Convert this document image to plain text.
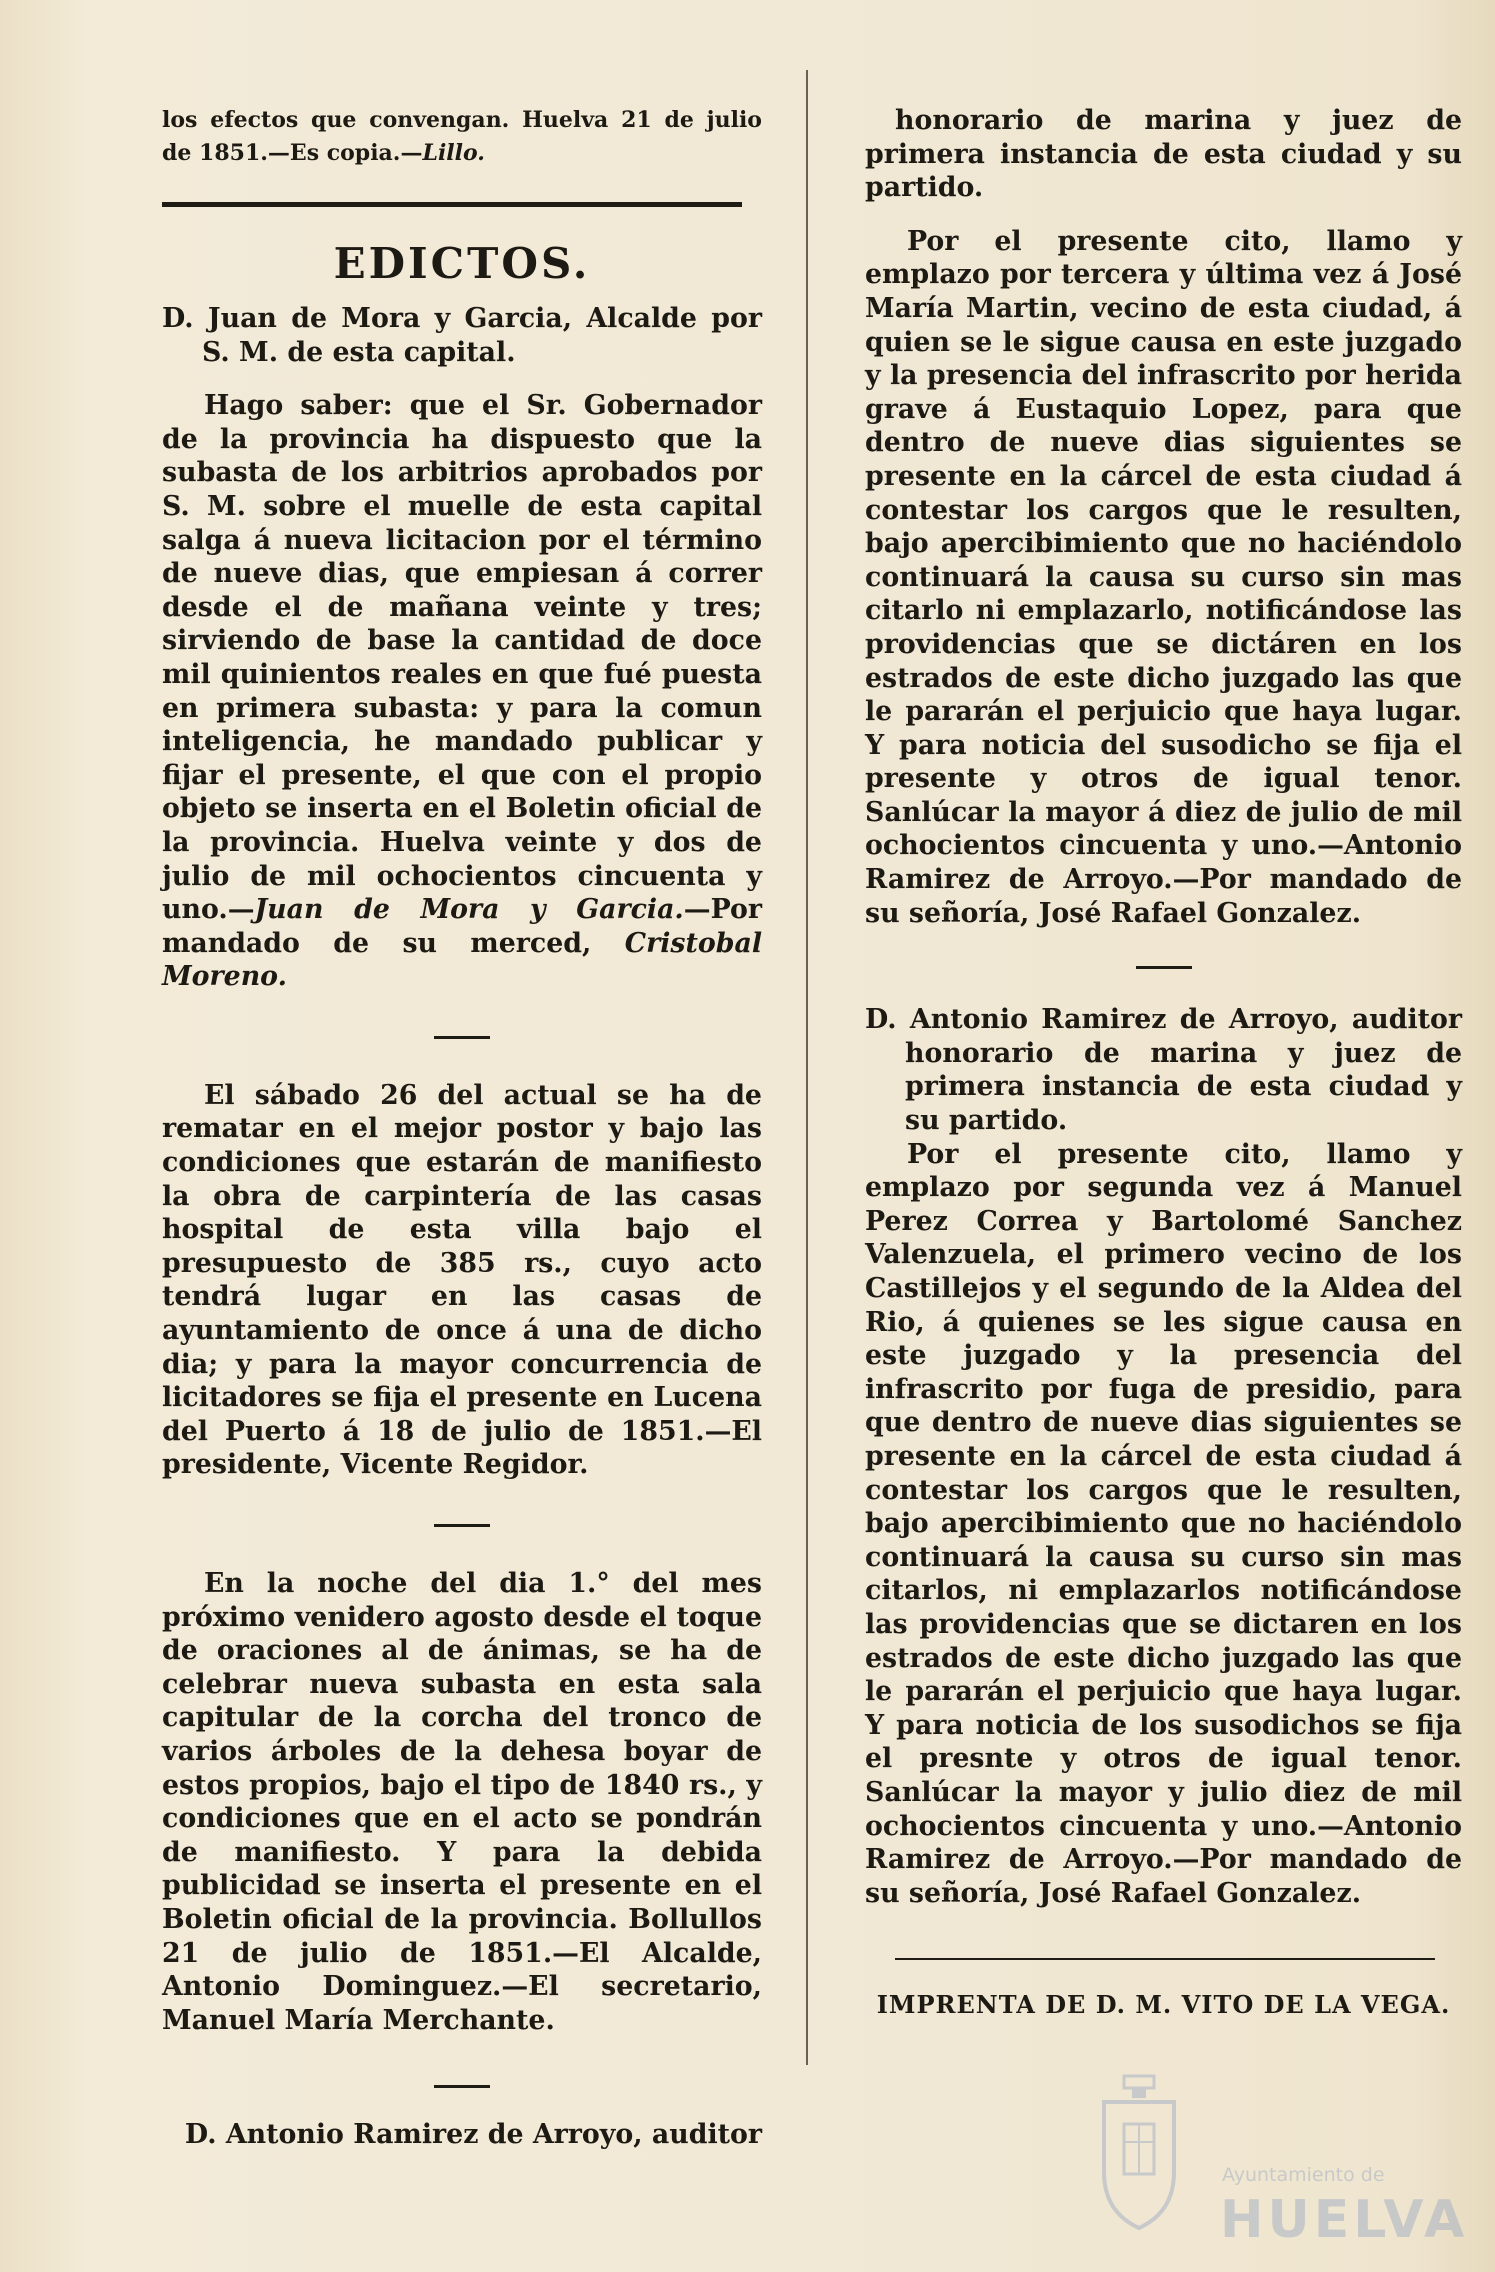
los efectos que convengan. Huelva 21 de julio de 1851.—Es copia.—Lillo.

EDICTOS.

D. Juan de Mora y Garcia, Alcalde por S. M. de esta capital.

Hago saber: que el Sr. Gobernador de la provincia ha dispuesto que la subasta de los arbitrios aprobados por S. M. sobre el muelle de esta capital salga á nueva licitacion por el término de nueve dias, que empiesan á correr desde el de mañana veinte y tres; sirviendo de base la cantidad de doce mil quinientos reales en que fué puesta en primera subasta: y para la comun inteligencia, he mandado publicar y fijar el presente, el que con el propio objeto se inserta en el Boletin oficial de la provincia. Huelva veinte y dos de julio de mil ochocientos cincuenta y uno.—Juan de Mora y Garcia.—Por mandado de su merced, Cristobal Moreno.

El sábado 26 del actual se ha de rematar en el mejor postor y bajo las condiciones que estarán de manifiesto la obra de carpintería de las casas hospital de esta villa bajo el presupuesto de 385 rs., cuyo acto tendrá lugar en las casas de ayuntamiento de once á una de dicho dia; y para la mayor concurrencia de licitadores se fija el presente en Lucena del Puerto á 18 de julio de 1851.—El presidente, Vicente Regidor.

En la noche del dia 1.° del mes próximo venidero agosto desde el toque de oraciones al de ánimas, se ha de celebrar nueva subasta en esta sala capitular de la corcha del tronco de varios árboles de la dehesa boyar de estos propios, bajo el tipo de 1840 rs., y condiciones que en el acto se pondrán de manifiesto. Y para la debida publicidad se inserta el presente en el Boletin oficial de la provincia. Bollullos 21 de julio de 1851.—El Alcalde, Antonio Dominguez.—El secretario, Manuel María Merchante.

D. Antonio Ramirez de Arroyo, auditor

honorario de marina y juez de primera instancia de esta ciudad y su partido.

Por el presente cito, llamo y emplazo por tercera y última vez á José María Martin, vecino de esta ciudad, á quien se le sigue causa en este juzgado y la presencia del infrascrito por herida grave á Eustaquio Lopez, para que dentro de nueve dias siguientes se presente en la cárcel de esta ciudad á contestar los cargos que le resulten, bajo apercibimiento que no haciéndolo continuará la causa su curso sin mas citarlo ni emplazarlo, notificándose las providencias que se dictáren en los estrados de este dicho juzgado las que le pararán el perjuicio que haya lugar. Y para noticia del susodicho se fija el presente y otros de igual tenor. Sanlúcar la mayor á diez de julio de mil ochocientos cincuenta y uno.—Antonio Ramirez de Arroyo.—Por mandado de su señoría, José Rafael Gonzalez.

D. Antonio Ramirez de Arroyo, auditor honorario de marina y juez de primera instancia de esta ciudad y su partido.

Por el presente cito, llamo y emplazo por segunda vez á Manuel Perez Correa y Bartolomé Sanchez Valenzuela, el primero vecino de los Castillejos y el segundo de la Aldea del Rio, á quienes se les sigue causa en este juzgado y la presencia del infrascrito por fuga de presidio, para que dentro de nueve dias siguientes se presente en la cárcel de esta ciudad á contestar los cargos que le resulten, bajo apercibimiento que no haciéndolo continuará la causa su curso sin mas citarlos, ni emplazarlos notificándose las providencias que se dictaren en los estrados de este dicho juzgado las que le pararán el perjuicio que haya lugar. Y para noticia de los susodichos se fija el presnte y otros de igual tenor. Sanlúcar la mayor y julio diez de mil ochocientos cincuenta y uno.—Antonio Ramirez de Arroyo.—Por mandado de su señoría, José Rafael Gonzalez.

IMPRENTA DE D. M. VITO DE LA VEGA.
Ayuntamiento de
HUELVA
